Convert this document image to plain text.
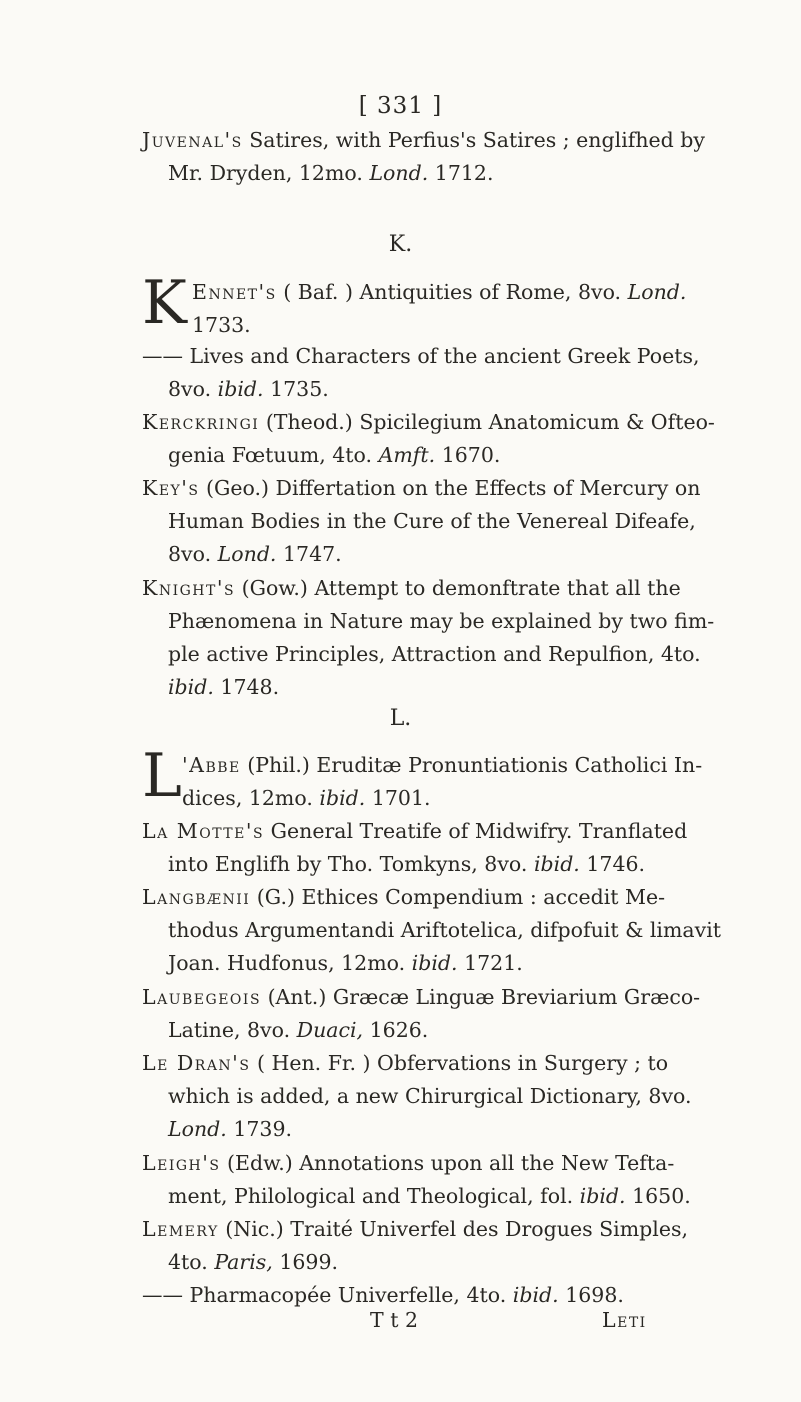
[ 331 ]
Juvenal's Satires, with Perfius's Satires ; englifhed by
Mr. Dryden, 12mo. Lond. 1712.
K.
K Ennet's ( Baf. ) Antiquities of Rome, 8vo. Lond.
1733.
—— Lives and Characters of the ancient Greek Poets,
8vo. ibid. 1735.
Kerckringi (Theod.) Spicilegium Anatomicum & Ofteo-
genia Fœtuum, 4to. Amft. 1670.
Key's (Geo.) Differtation on the Effects of Mercury on
Human Bodies in the Cure of the Venereal Difeafe,
8vo. Lond. 1747.
Knight's (Gow.) Attempt to demonftrate that all the
Phænomena in Nature may be explained by two fim-
ple active Principles, Attraction and Repulfion, 4to.
ibid. 1748.
L.
L 'Abbe (Phil.) Eruditæ Pronuntiationis Catholici In-
dices, 12mo. ibid. 1701.
La Motte's General Treatife of Midwifry. Tranflated
into Englifh by Tho. Tomkyns, 8vo. ibid. 1746.
Langbænii (G.) Ethices Compendium : accedit Me-
thodus Argumentandi Ariftotelica, difpofuit & limavit
Joan. Hudfonus, 12mo. ibid. 1721.
Laubegeois (Ant.) Græcæ Linguæ Breviarium Græco-
Latine, 8vo. Duaci, 1626.
Le Dran's ( Hen. Fr. ) Obfervations in Surgery ; to
which is added, a new Chirurgical Dictionary, 8vo.
Lond. 1739.
Leigh's (Edw.) Annotations upon all the New Tefta-
ment, Philological and Theological, fol. ibid. 1650.
Lemery (Nic.) Traité Univerfel des Drogues Simples,
4to. Paris, 1699.
—— Pharmacopée Univerfelle, 4to. ibid. 1698.
T t 2	Leti
